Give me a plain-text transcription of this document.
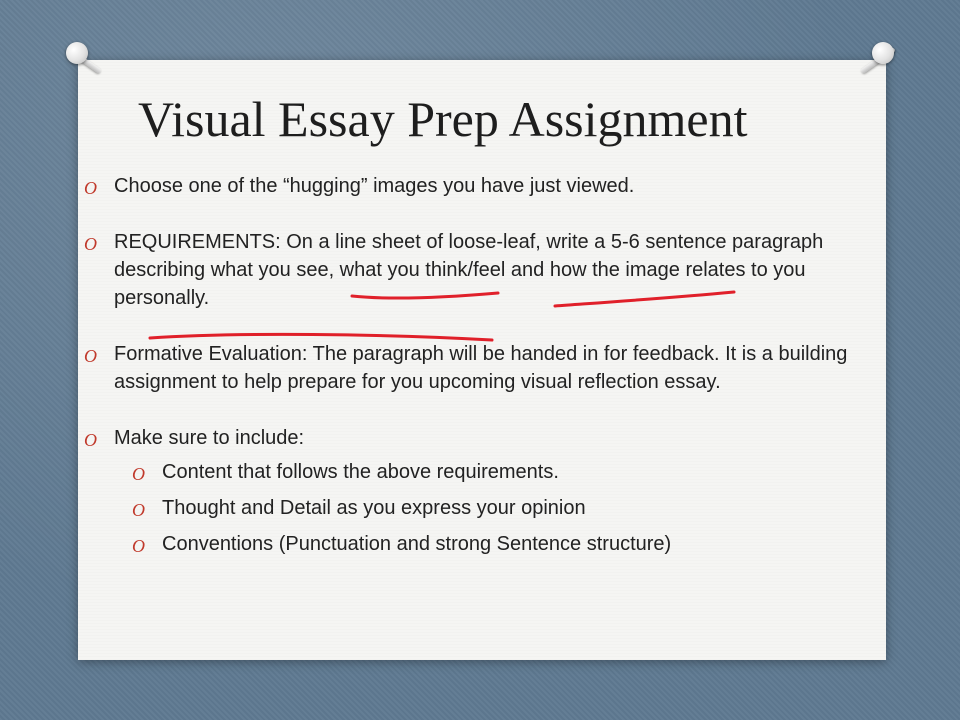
Visual Essay Prep Assignment
O Choose one of the “hugging” images you have just viewed.
O REQUIREMENTS: On a line sheet of loose-leaf, write a 5-6 sentence paragraph describing what you see, what you think/feel and how the image relates to you personally.
O Formative Evaluation: The paragraph will be handed in for feedback. It is a building assignment to help prepare for you upcoming visual reflection essay.
O Make sure to include:
O Content that follows the above requirements.
O Thought and Detail as you express your opinion
O Conventions (Punctuation and strong Sentence structure)
